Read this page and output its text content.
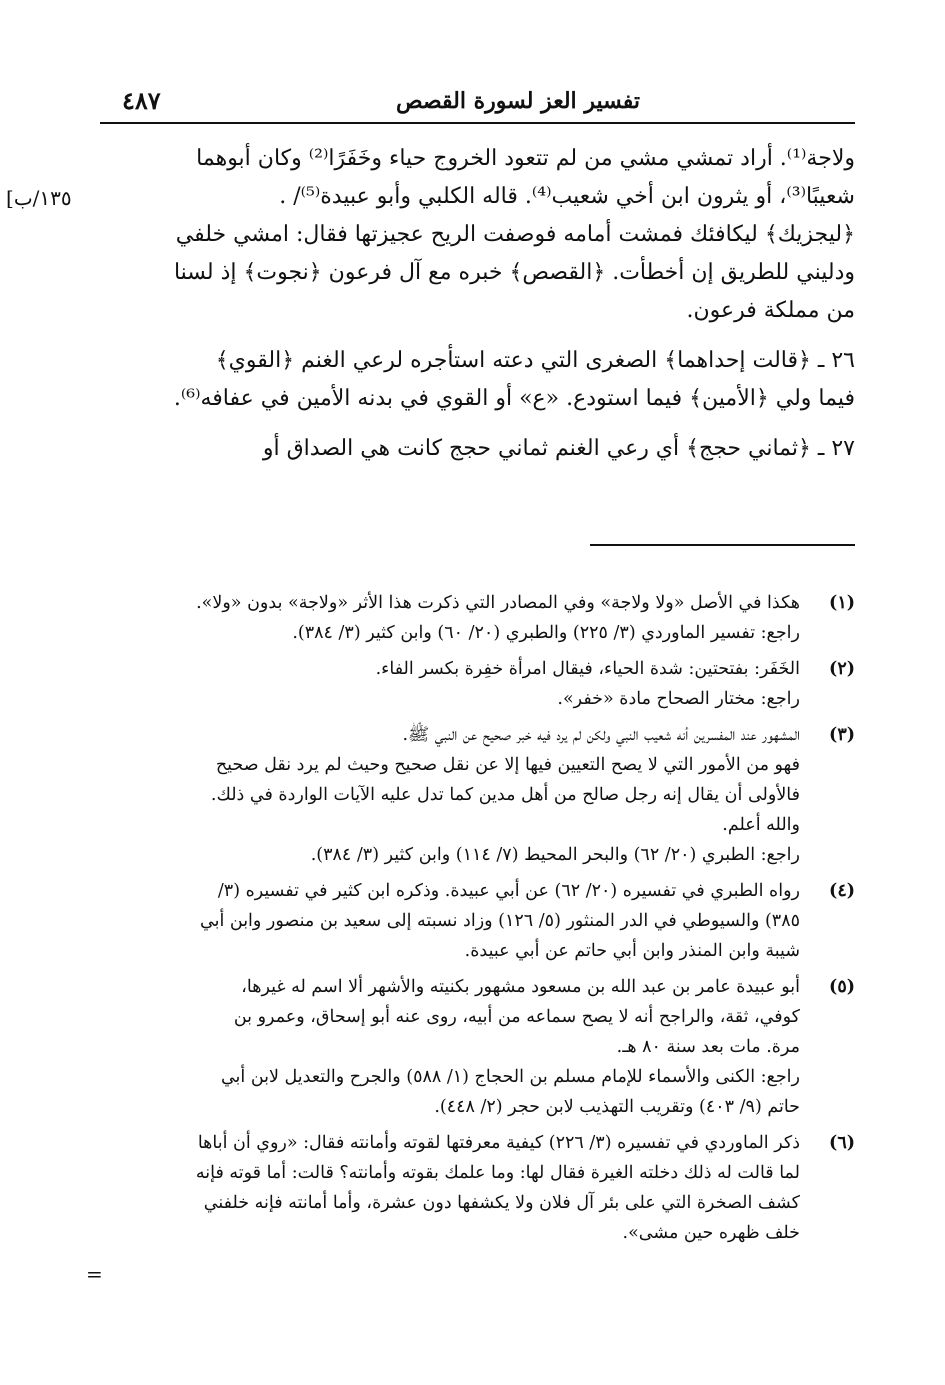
تفسير العز لسورة القصص
٤٨٧
[١٣٥/ب

ولاجة⁽¹⁾. أراد تمشي مشي من لم تتعود الخروج حياء وخَفَرًا⁽²⁾ وكان أبوهما

شعيبًا⁽³⁾، أو يثرون ابن أخي شعيب⁽⁴⁾. قاله الكلبي وأبو عبيدة⁽⁵⁾/ .

﴿ليجزيك﴾ ليكافئك فمشت أمامه فوصفت الريح عجيزتها فقال: امشي خلفي

ودليني للطريق إن أخطأت. ﴿القصص﴾ خبره مع آل فرعون ﴿نجوت﴾ إذ لسنا

من مملكة فرعون.

٢٦ ـ ﴿قالت إحداهما﴾ الصغرى التي دعته استأجره لرعي الغنم ﴿القوي﴾

فيما ولي ﴿الأمين﴾ فيما استودع. «ع» أو القوي في بدنه الأمين في عفافه⁽⁶⁾.

٢٧ ـ ﴿ثماني حجج﴾ أي رعي الغنم ثماني حجج كانت هي الصداق أو

(١)
هكذا في الأصل «ولا ولاجة» وفي المصادر التي ذكرت هذا الأثر «ولاجة» بدون «ولا».
راجع: تفسير الماوردي (٣/ ٢٢٥) والطبري (٢٠/ ٦٠) وابن كثير (٣/ ٣٨٤).
(٢)
الخَفَر: بفتحتين: شدة الحياء، فيقال امرأة خفِرة بكسر الفاء.
راجع: مختار الصحاح مادة «خفر».
(٣)
المشهور عند المفسرين أنه شعيب النبي ولكن لم يرد فيه خبر صحيح عن النبي ﷺ.
فهو من الأمور التي لا يصح التعيين فيها إلا عن نقل صحيح وحيث لم يرد نقل صحيح
فالأولى أن يقال إنه رجل صالح من أهل مدين كما تدل عليه الآيات الواردة في ذلك.
والله أعلم.
راجع: الطبري (٢٠/ ٦٢) والبحر المحيط (٧/ ١١٤) وابن كثير (٣/ ٣٨٤).
(٤)
رواه الطبري في تفسيره (٢٠/ ٦٢) عن أبي عبيدة. وذكره ابن كثير في تفسيره (٣/
٣٨٥) والسيوطي في الدر المنثور (٥/ ١٢٦) وزاد نسبته إلى سعيد بن منصور وابن أبي
شيبة وابن المنذر وابن أبي حاتم عن أبي عبيدة.
(٥)
أبو عبيدة عامر بن عبد الله بن مسعود مشهور بكنيته والأشهر ألا اسم له غيرها،
كوفي، ثقة، والراجح أنه لا يصح سماعه من أبيه، روى عنه أبو إسحاق، وعمرو بن
مرة. مات بعد سنة ٨٠ هـ.
راجع: الكنى والأسماء للإمام مسلم بن الحجاج (١/ ٥٨٨) والجرح والتعديل لابن أبي
حاتم (٩/ ٤٠٣) وتقريب التهذيب لابن حجر (٢/ ٤٤٨).
(٦)
ذكر الماوردي في تفسيره (٣/ ٢٢٦) كيفية معرفتها لقوته وأمانته فقال: «روي أن أباها
لما قالت له ذلك دخلته الغيرة فقال لها: وما علمك بقوته وأمانته؟ قالت: أما قوته فإنه
كشف الصخرة التي على بئر آل فلان ولا يكشفها دون عشرة، وأما أمانته فإنه خلفني
خلف ظهره حين مشى».
=
